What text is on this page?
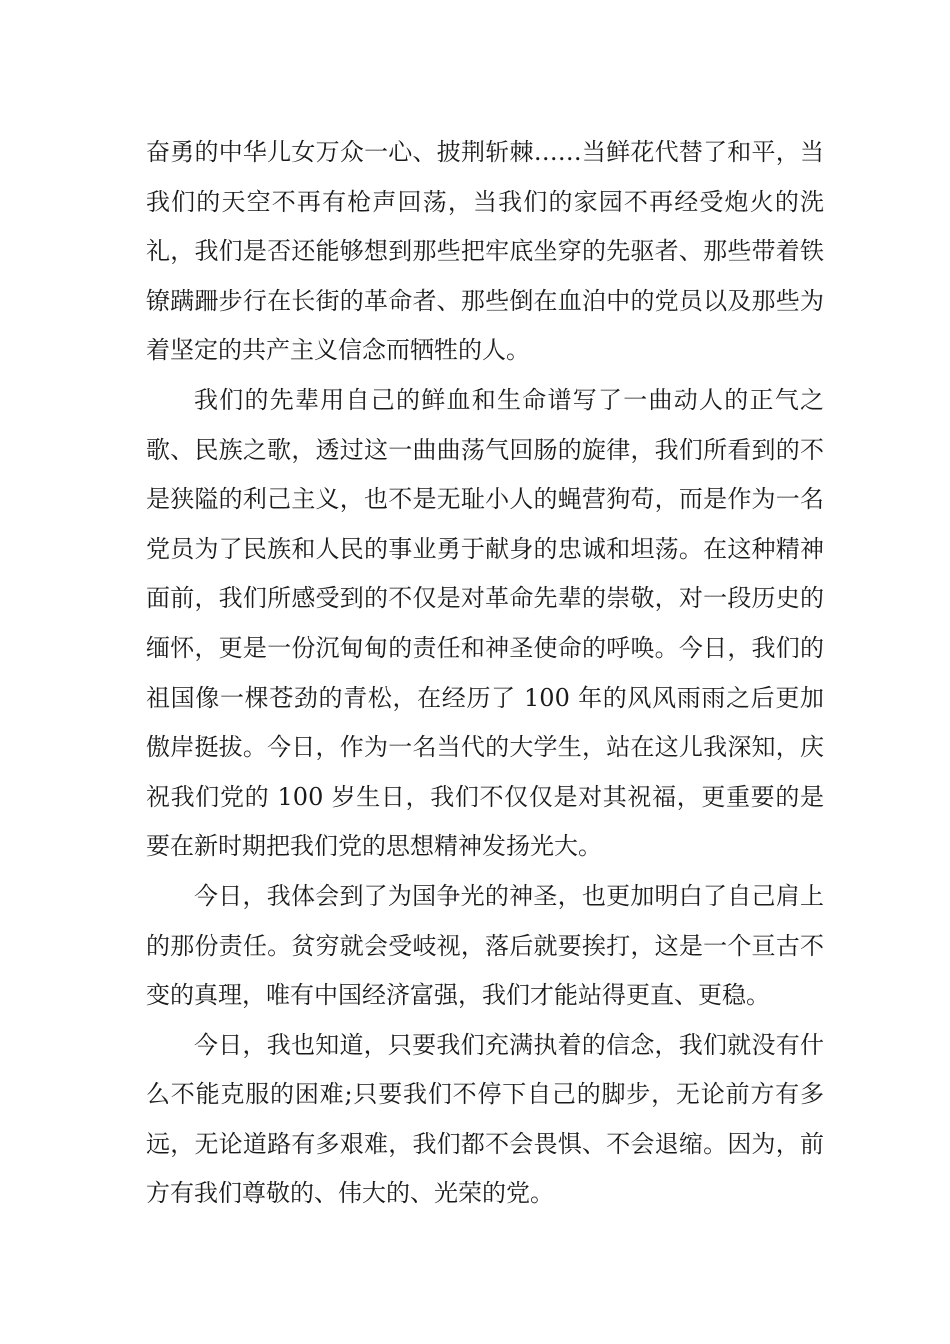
奋勇的中华儿女万众一心、披荆斩棘……当鲜花代替了和平，当我们的天空不再有枪声回荡，当我们的家园不再经受炮火的洗礼，我们是否还能够想到那些把牢底坐穿的先驱者、那些带着铁镣蹒跚步行在长街的革命者、那些倒在血泊中的党员以及那些为着坚定的共产主义信念而牺牲的人。

我们的先辈用自己的鲜血和生命谱写了一曲动人的正气之歌、民族之歌，透过这一曲曲荡气回肠的旋律，我们所看到的不是狭隘的利己主义，也不是无耻小人的蝇营狗苟，而是作为一名党员为了民族和人民的事业勇于献身的忠诚和坦荡。在这种精神面前，我们所感受到的不仅是对革命先辈的崇敬，对一段历史的缅怀，更是一份沉甸甸的责任和神圣使命的呼唤。今日，我们的祖国像一棵苍劲的青松，在经历了 100 年的风风雨雨之后更加傲岸挺拔。今日，作为一名当代的大学生，站在这儿我深知，庆祝我们党的 100 岁生日，我们不仅仅是对其祝福，更重要的是要在新时期把我们党的思想精神发扬光大。

今日，我体会到了为国争光的神圣，也更加明白了自己肩上的那份责任。贫穷就会受岐视，落后就要挨打，这是一个亘古不变的真理，唯有中国经济富强，我们才能站得更直、更稳。

今日，我也知道，只要我们充满执着的信念，我们就没有什么不能克服的困难;只要我们不停下自己的脚步，无论前方有多远，无论道路有多艰难，我们都不会畏惧、不会退缩。因为，前方有我们尊敬的、伟大的、光荣的党。
